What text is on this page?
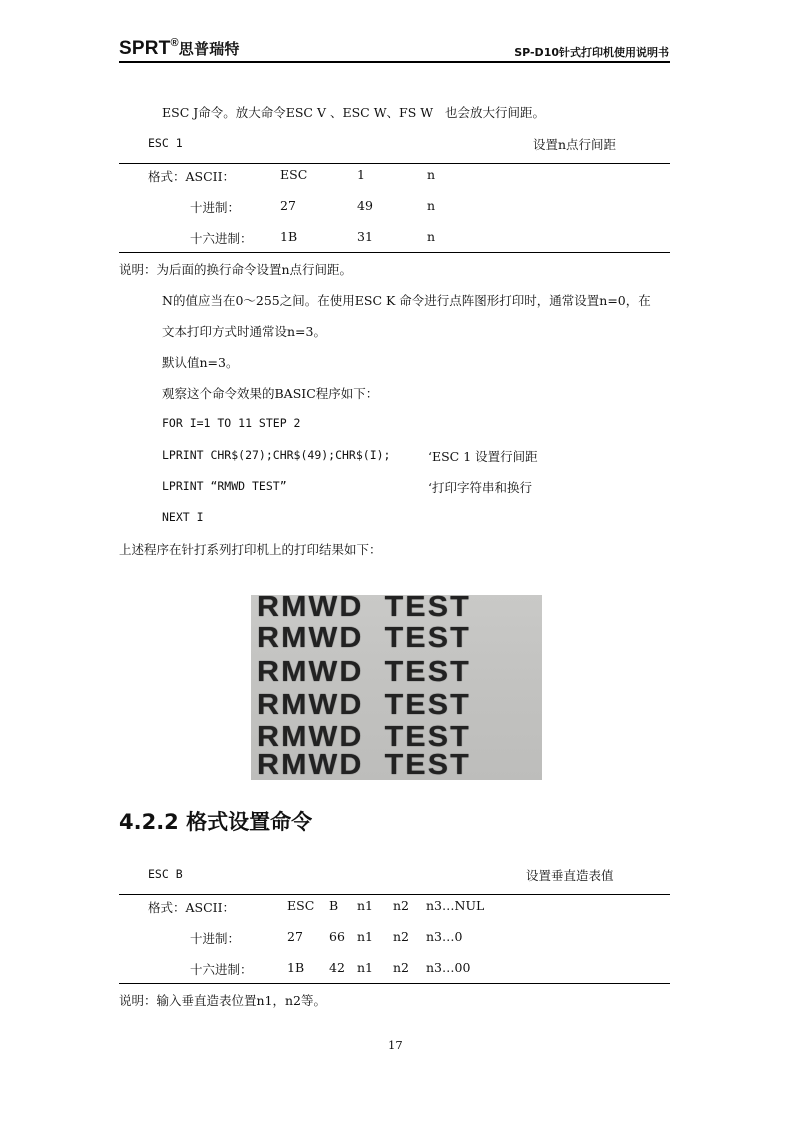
SPRT®思普瑞特	SP-D10针式打印机使用说明书
ESC J命令。放大命令ESC V 、ESC W、FS W   也会放大行间距。
ESC 1	设置n点行间距
格式：ASCII：	ESC	1	n
十进制：	27	49	n
十六进制： 1B	31	n
说明：为后面的换行命令设置n点行间距。
N的值应当在0～255之间。在使用ESC K 命令进行点阵图形打印时，通常设置n=0，在
文本打印方式时通常设n=3。
默认值n=3。
观察这个命令效果的BASIC程序如下：
FOR I=1 TO 11 STEP 2
LPRINT CHR$(27);CHR$(49);CHR$(I);	‘ESC 1 设置行间距
LPRINT “RMWD TEST”	‘打印字符串和换行
NEXT I
上述程序在针打系列打印机上的打印结果如下：
RMWD  TEST
RMWD  TEST
RMWD  TEST
RMWD  TEST
RMWD  TEST
RMWD  TEST
4.2.2 格式设置命令
ESC B	设置垂直造表值
格式：ASCII：	ESC B n1 n2 n3…NUL
十进制：	27 66 n1 n2 n3…0
十六进制：	1B 42 n1 n2 n3…00
说明：输入垂直造表位置n1，n2等。
17
